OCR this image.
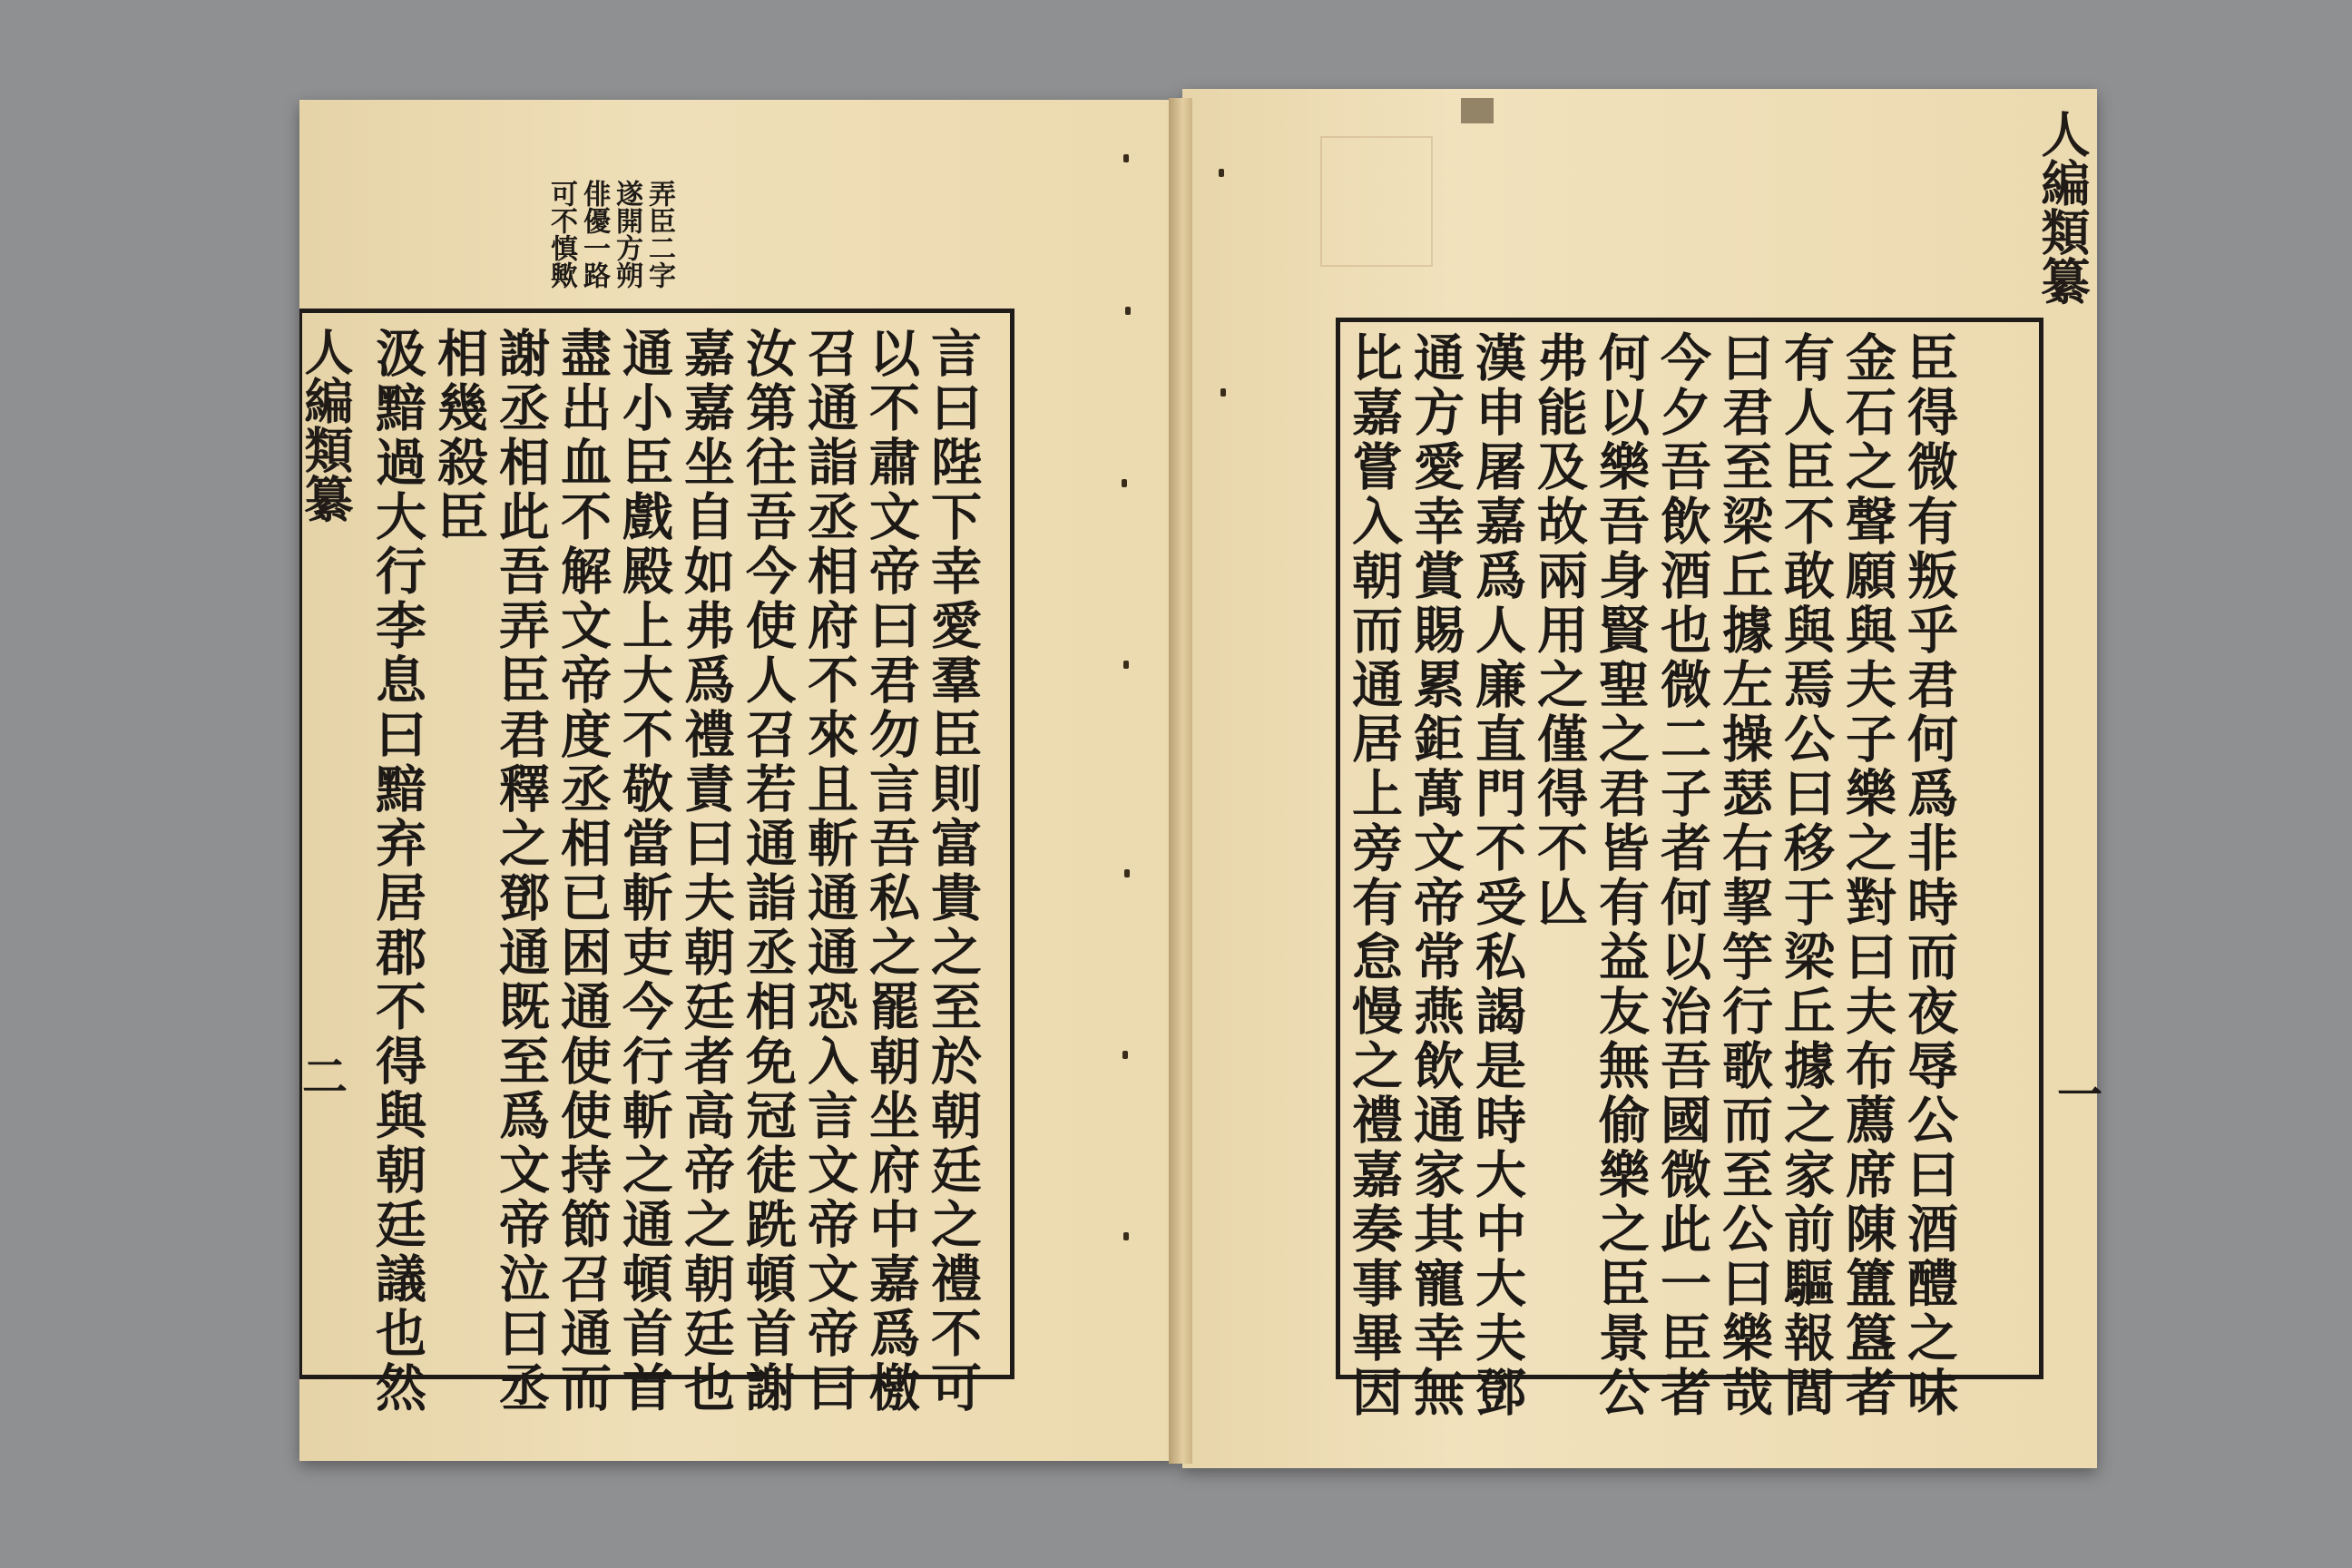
弄臣二字
遂開方朔
俳優一路
可不慎歟
人編類纂
二	言曰陛下幸愛羣臣則富貴之至於朝廷之禮不可
以不肅文帝曰君勿言吾私之罷朝坐府中嘉爲檄
召通詣丞相府不來且斬通通恐入言文帝文帝曰
汝第往吾今使人召若通詣丞相免冠徒跣頓首謝
嘉嘉坐自如弗爲禮責曰夫朝廷者高帝之朝廷也
通小臣戲殿上大不敬當斬吏今行斬之通頓首首
盡出血不解文帝度丞相已困通使使持節召通而
謝丞相此吾弄臣君釋之鄧通既至爲文帝泣曰丞
相幾殺臣
汲黯過大行李息曰黯弃居郡不得與朝廷議也然
人編類纂
一
臣得微有叛乎君何爲非時而夜辱公曰酒醴之味
金石之聲願與夫子樂之對曰夫布薦席陳簠簋者
有人臣不敢與焉公曰移于梁丘據之家前驅報閭
曰君至梁丘據左操瑟右挈竽行歌而至公曰樂哉
今夕吾飲酒也微二子者何以治吾國微此一臣者
何以樂吾身賢聖之君皆有益友無偷樂之臣景公
弗能及故兩用之僅得不亾
漢申屠嘉爲人廉直門不受私謁是時大中大夫鄧
通方愛幸賞賜累鉅萬文帝常燕飲通家其寵幸無
比嘉嘗入朝而通居上旁有怠慢之禮嘉奏事畢因
